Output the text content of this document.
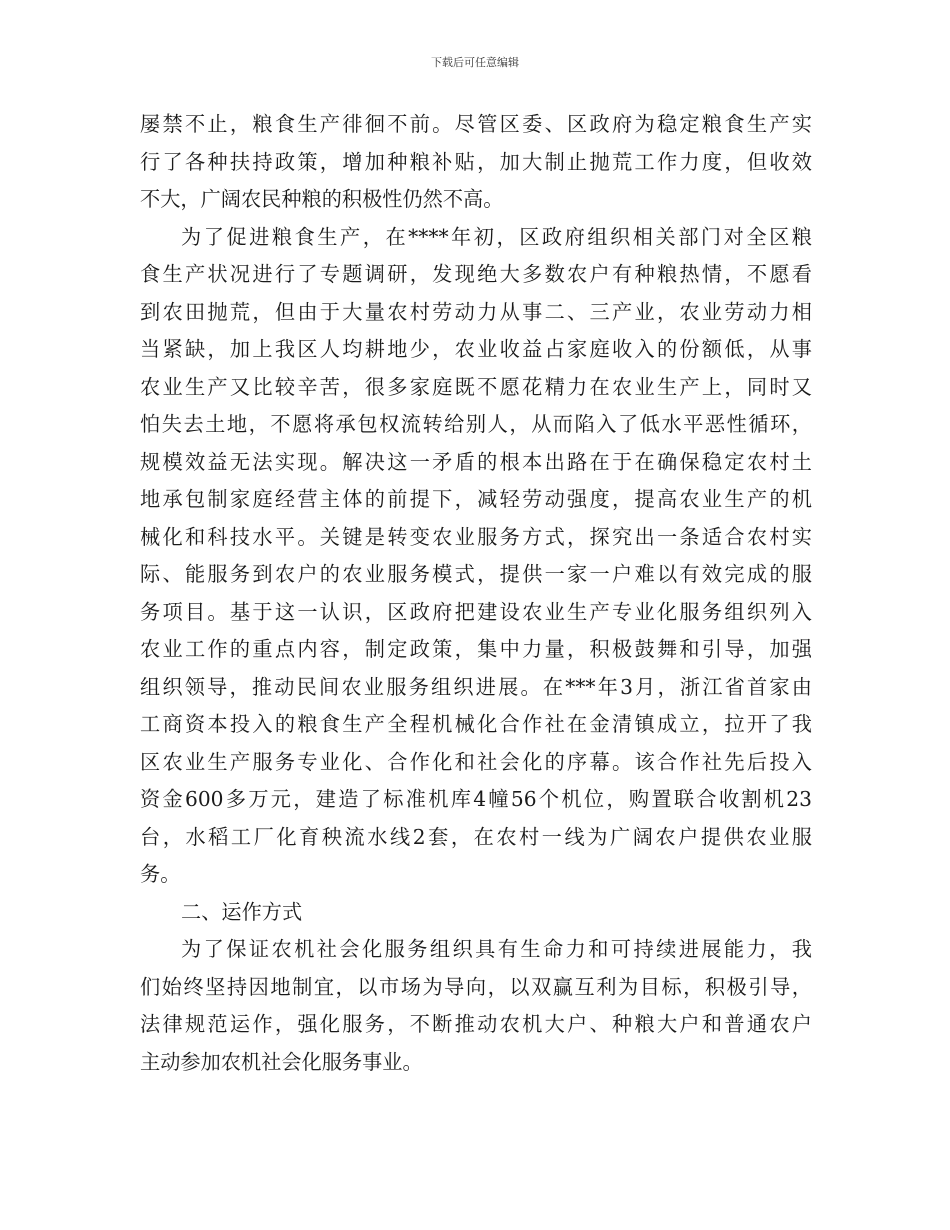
下载后可任意编辑
屡禁不止，粮食生产徘徊不前。尽管区委、区政府为稳定粮食生产实
行了各种扶持政策，增加种粮补贴，加大制止抛荒工作力度，但收效
不大，广阔农民种粮的积极性仍然不高。
为了促进粮食生产，在****年初，区政府组织相关部门对全区粮
食生产状况进行了专题调研，发现绝大多数农户有种粮热情，不愿看
到农田抛荒，但由于大量农村劳动力从事二、三产业，农业劳动力相
当紧缺，加上我区人均耕地少，农业收益占家庭收入的份额低，从事
农业生产又比较辛苦，很多家庭既不愿花精力在农业生产上，同时又
怕失去土地，不愿将承包权流转给别人，从而陷入了低水平恶性循环，
规模效益无法实现。解决这一矛盾的根本出路在于在确保稳定农村土
地承包制家庭经营主体的前提下，减轻劳动强度，提高农业生产的机
械化和科技水平。关键是转变农业服务方式，探究出一条适合农村实
际、能服务到农户的农业服务模式，提供一家一户难以有效完成的服
务项目。基于这一认识，区政府把建设农业生产专业化服务组织列入
农业工作的重点内容，制定政策，集中力量，积极鼓舞和引导，加强
组织领导，推动民间农业服务组织进展。在***年3月，浙江省首家由
工商资本投入的粮食生产全程机械化合作社在金清镇成立，拉开了我
区农业生产服务专业化、合作化和社会化的序幕。该合作社先后投入
资金600多万元，建造了标准机库4幢56个机位，购置联合收割机23
台，水稻工厂化育秧流水线2套，在农村一线为广阔农户提供农业服
务。
二、运作方式
为了保证农机社会化服务组织具有生命力和可持续进展能力，我
们始终坚持因地制宜，以市场为导向，以双赢互利为目标，积极引导，
法律规范运作，强化服务，不断推动农机大户、种粮大户和普通农户
主动参加农机社会化服务事业。
